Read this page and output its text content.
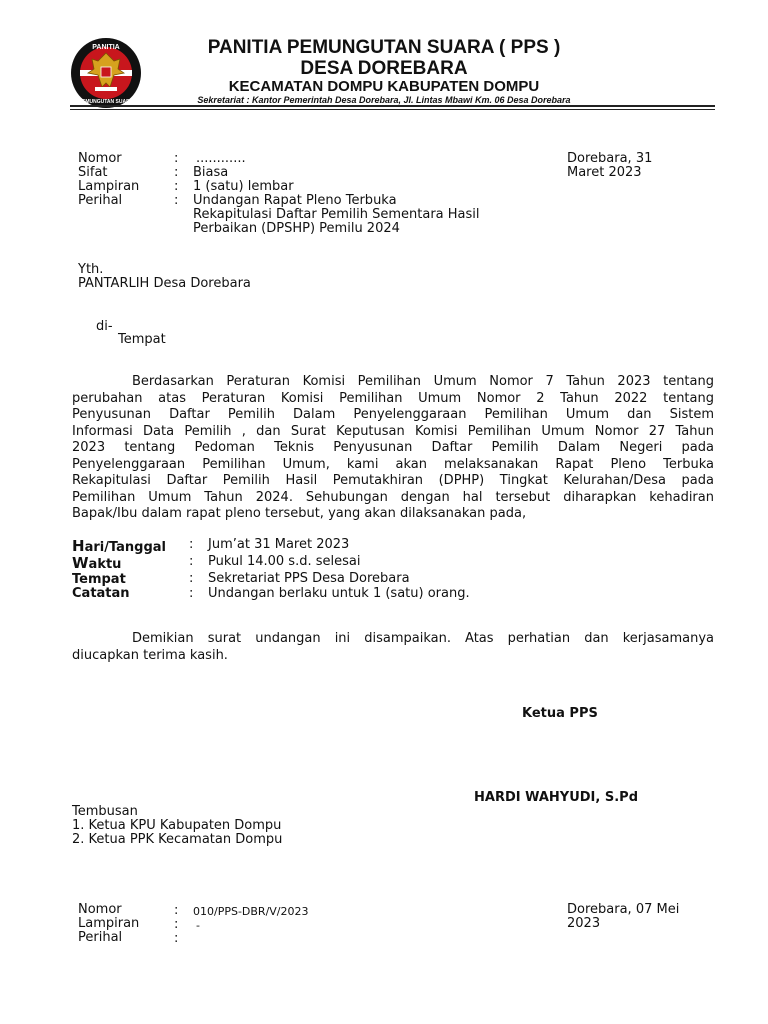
PANITIA
PEMUNGUTAN SUARA
PANITIA PEMUNGUTAN SUARA ( PPS )
DESA DOREBARA
KECAMATAN DOMPU KABUPATEN DOMPU
Sekretariat : Kantor Pemerintah Desa Dorebara, Jl. Lintas Mbawi Km. 06 Desa Dorebara
Nomor
Sifat
Lampiran
Perihal
:
:
:
:
............
Biasa
1 (satu) lembar
Undangan Rapat Pleno Terbuka
Rekapitulasi Daftar Pemilih Sementara Hasil
Perbaikan (DPSHP) Pemilu 2024
Dorebara, 31
Maret 2023
Yth.
PANTARLIH Desa Dorebara
di-
Tempat
Berdasarkan Peraturan Komisi Pemilihan Umum Nomor 7 Tahun 2023 tentang
perubahan atas Peraturan Komisi Pemilihan Umum Nomor 2 Tahun 2022 tentang
Penyusunan Daftar Pemilih Dalam Penyelenggaraan Pemilihan Umum dan Sistem
Informasi Data Pemilih , dan Surat Keputusan Komisi Pemilihan Umum Nomor 27 Tahun
2023 tentang Pedoman Teknis Penyusunan Daftar Pemilih Dalam Negeri pada
Penyelenggaraan Pemilihan Umum, kami akan melaksanakan Rapat Pleno Terbuka
Rekapitulasi Daftar Pemilih Hasil Pemutakhiran (DPHP) Tingkat Kelurahan/Desa pada
Pemilihan Umum Tahun 2024. Sehubungan dengan hal tersebut diharapkan kehadiran
Bapak/Ibu dalam rapat pleno tersebut, yang akan dilaksanakan pada,
Hari/Tanggal
Waktu
Tempat
Catatan
:
:
:
:
Jum’at 31 Maret 2023
Pukul 14.00 s.d. selesai
Sekretariat PPS Desa Dorebara
Undangan berlaku untuk 1 (satu) orang.
Demikian surat undangan ini disampaikan. Atas perhatian dan kerjasamanya
diucapkan terima kasih.
Ketua PPS
HARDI WAHYUDI, S.Pd
Tembusan
1. Ketua KPU Kabupaten Dompu
2. Ketua PPK Kecamatan Dompu
Nomor
Lampiran
Perihal
:
:
:
010/PPS-DBR/V/2023
-
Dorebara, 07 Mei
2023
